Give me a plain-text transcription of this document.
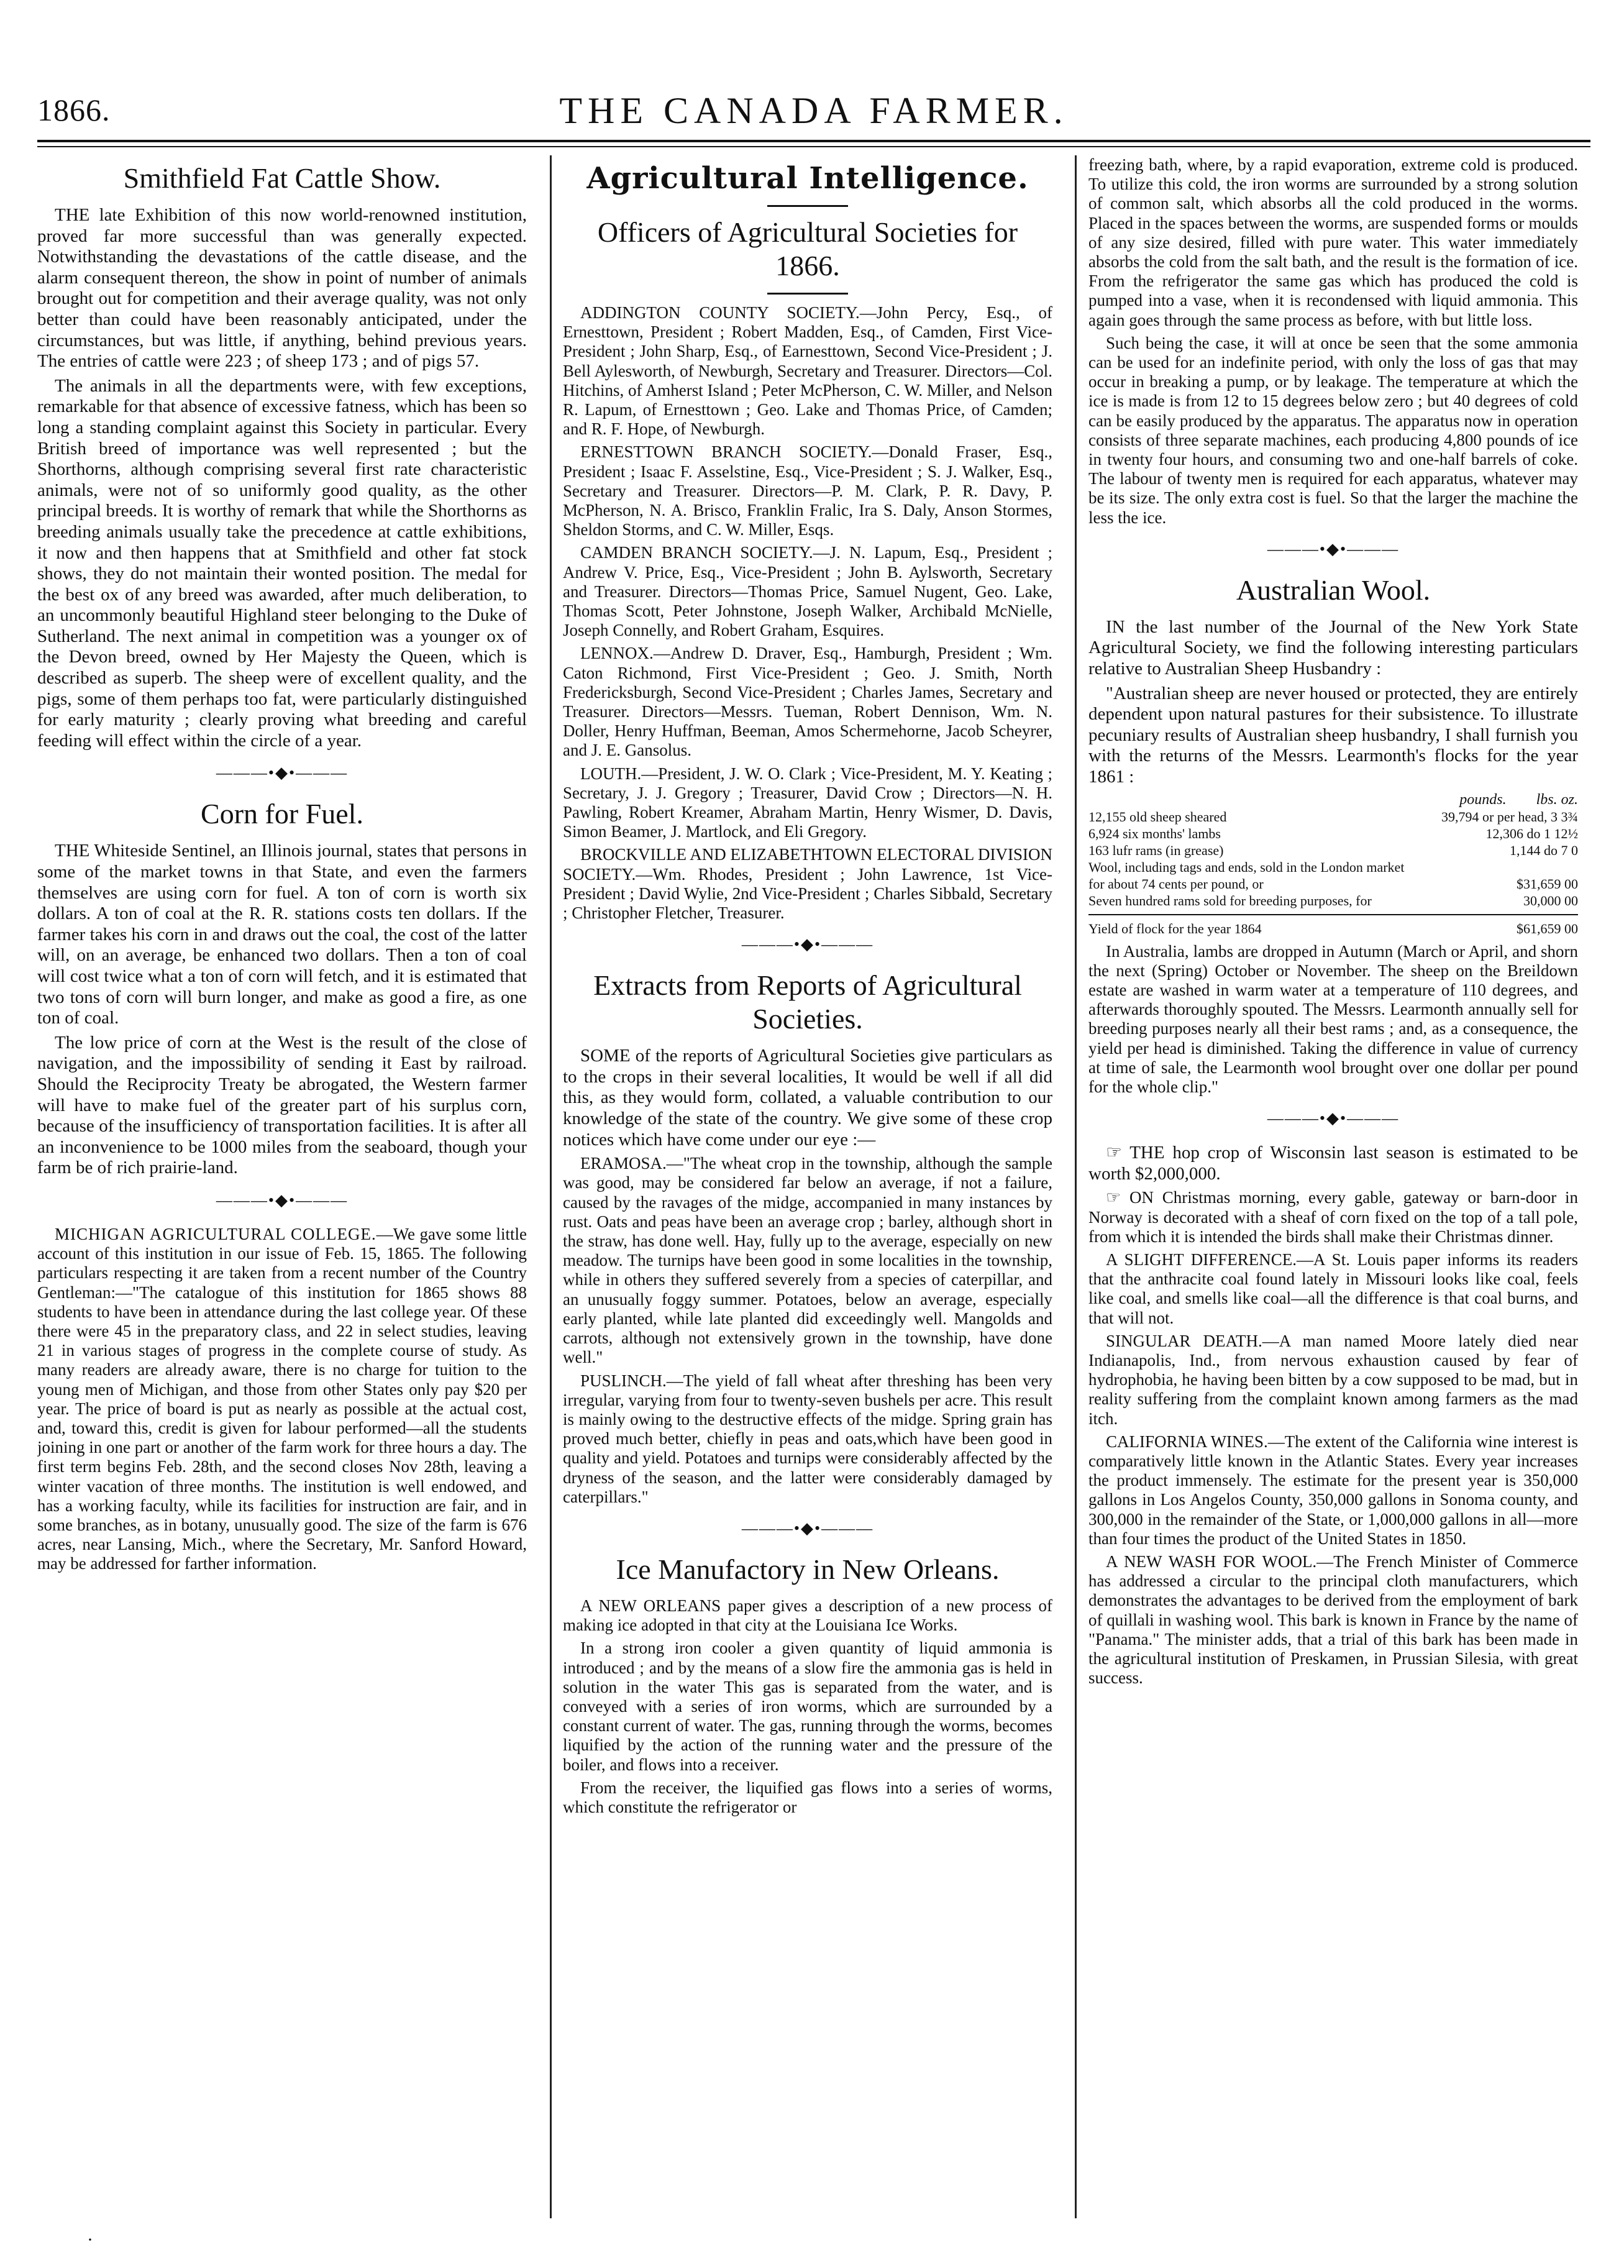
1866.	THE CANADA FARMER.
Smithfield Fat Cattle Show.

THE late Exhibition of this now world-renowned institution, proved far more successful than was generally expected. Notwithstanding the devastations of the cattle disease, and the alarm consequent thereon, the show in point of number of animals brought out for competition and their average quality, was not only better than could have been reasonably anticipated, under the circumstances, but was little, if anything, behind previous years. The entries of cattle were 223 ; of sheep 173 ; and of pigs 57.

The animals in all the departments were, with few exceptions, remarkable for that absence of excessive fatness, which has been so long a standing complaint against this Society in particular. Every British breed of importance was well represented ; but the Shorthorns, although comprising several first rate characteristic animals, were not of so uniformly good quality, as the other principal breeds. It is worthy of remark that while the Shorthorns as breeding animals usually take the precedence at cattle exhibitions, it now and then happens that at Smithfield and other fat stock shows, they do not maintain their wonted position. The medal for the best ox of any breed was awarded, after much deliberation, to an uncommonly beautiful Highland steer belonging to the Duke of Sutherland. The next animal in competition was a younger ox of the Devon breed, owned by Her Majesty the Queen, which is described as superb. The sheep were of excellent quality, and the pigs, some of them perhaps too fat, were particularly distinguished for early maturity ; clearly proving what breeding and careful feeding will effect within the circle of a year.

———•◆•———
Corn for Fuel.

THE Whiteside Sentinel, an Illinois journal, states that persons in some of the market towns in that State, and even the farmers themselves are using corn for fuel. A ton of corn is worth six dollars. A ton of coal at the R. R. stations costs ten dollars. If the farmer takes his corn in and draws out the coal, the cost of the latter will, on an average, be enhanced two dollars. Then a ton of coal will cost twice what a ton of corn will fetch, and it is estimated that two tons of corn will burn longer, and make as good a fire, as one ton of coal.

The low price of corn at the West is the result of the close of navigation, and the impossibility of sending it East by railroad. Should the Reciprocity Treaty be abrogated, the Western farmer will have to make fuel of the greater part of his surplus corn, because of the insufficiency of transportation facilities. It is after all an inconvenience to be 1000 miles from the seaboard, though your farm be of rich prairie-land.

———•◆•———

MICHIGAN AGRICULTURAL COLLEGE.—We gave some little account of this institution in our issue of Feb. 15, 1865. The following particulars respecting it are taken from a recent number of the Country Gentleman:—"The catalogue of this institution for 1865 shows 88 students to have been in attendance during the last college year. Of these there were 45 in the preparatory class, and 22 in select studies, leaving 21 in various stages of progress in the complete course of study. As many readers are already aware, there is no charge for tuition to the young men of Michigan, and those from other States only pay $20 per year. The price of board is put as nearly as possible at the actual cost, and, toward this, credit is given for labour performed—all the students joining in one part or another of the farm work for three hours a day. The first term begins Feb. 28th, and the second closes Nov 28th, leaving a winter vacation of three months. The institution is well endowed, and has a working faculty, while its facilities for instruction are fair, and in some branches, as in botany, unusually good. The size of the farm is 676 acres, near Lansing, Mich., where the Secretary, Mr. Sanford Howard, may be addressed for farther information.

Agricultural Intelligence.
Officers of Agricultural Societies for 1866.

ADDINGTON COUNTY SOCIETY.—John Percy, Esq., of Ernesttown, President ; Robert Madden, Esq., of Camden, First Vice-President ; John Sharp, Esq., of Earnesttown, Second Vice-President ; J. Bell Aylesworth, of Newburgh, Secretary and Treasurer. Directors—Col. Hitchins, of Amherst Island ; Peter McPherson, C. W. Miller, and Nelson R. Lapum, of Ernesttown ; Geo. Lake and Thomas Price, of Camden; and R. F. Hope, of Newburgh.

ERNESTTOWN BRANCH SOCIETY.—Donald Fraser, Esq., President ; Isaac F. Asselstine, Esq., Vice-President ; S. J. Walker, Esq., Secretary and Treasurer. Directors—P. M. Clark, P. R. Davy, P. McPherson, N. A. Brisco, Franklin Fralic, Ira S. Daly, Anson Stormes, Sheldon Storms, and C. W. Miller, Esqs.

CAMDEN BRANCH SOCIETY.—J. N. Lapum, Esq., President ; Andrew V. Price, Esq., Vice-President ; John B. Aylsworth, Secretary and Treasurer. Directors—Thomas Price, Samuel Nugent, Geo. Lake, Thomas Scott, Peter Johnstone, Joseph Walker, Archibald McNielle, Joseph Connelly, and Robert Graham, Esquires.

LENNOX.—Andrew D. Draver, Esq., Hamburgh, President ; Wm. Caton Richmond, First Vice-President ; Geo. J. Smith, North Fredericksburgh, Second Vice-President ; Charles James, Secretary and Treasurer. Directors—Messrs. Tueman, Robert Dennison, Wm. N. Doller, Henry Huffman, Beeman, Amos Schermehorne, Jacob Scheyrer, and J. E. Gansolus.

LOUTH.—President, J. W. O. Clark ; Vice-President, M. Y. Keating ; Secretary, J. J. Gregory ; Treasurer, David Crow ; Directors—N. H. Pawling, Robert Kreamer, Abraham Martin, Henry Wismer, D. Davis, Simon Beamer, J. Martlock, and Eli Gregory.

BROCKVILLE AND ELIZABETHTOWN ELECTORAL DIVISION SOCIETY.—Wm. Rhodes, President ; John Lawrence, 1st Vice-President ; David Wylie, 2nd Vice-President ; Charles Sibbald, Secretary ; Christopher Fletcher, Treasurer.

———•◆•———
Extracts from Reports of Agricultural Societies.

SOME of the reports of Agricultural Societies give particulars as to the crops in their several localities, It would be well if all did this, as they would form, collated, a valuable contribution to our knowledge of the state of the country. We give some of these crop notices which have come under our eye :—

ERAMOSA.—"The wheat crop in the township, although the sample was good, may be considered far below an average, if not a failure, caused by the ravages of the midge, accompanied in many instances by rust. Oats and peas have been an average crop ; barley, although short in the straw, has done well. Hay, fully up to the average, especially on new meadow. The turnips have been good in some localities in the township, while in others they suffered severely from a species of caterpillar, and an unusually foggy summer. Potatoes, below an average, especially early planted, while late planted did exceedingly well. Mangolds and carrots, although not extensively grown in the township, have done well."

PUSLINCH.—The yield of fall wheat after threshing has been very irregular, varying from four to twenty-seven bushels per acre. This result is mainly owing to the destructive effects of the midge. Spring grain has proved much better, chiefly in peas and oats,which have been good in quality and yield. Potatoes and turnips were considerably affected by the dryness of the season, and the latter were considerably damaged by caterpillars."

———•◆•———
Ice Manufactory in New Orleans.

A NEW ORLEANS paper gives a description of a new process of making ice adopted in that city at the Louisiana Ice Works.

In a strong iron cooler a given quantity of liquid ammonia is introduced ; and by the means of a slow fire the ammonia gas is held in solution in the water This gas is separated from the water, and is conveyed with a series of iron worms, which are surrounded by a constant current of water. The gas, running through the worms, becomes liquified by the action of the running water and the pressure of the boiler, and flows into a receiver.

From the receiver, the liquified gas flows into a series of worms, which constitute the refrigerator or

freezing bath, where, by a rapid evaporation, extreme cold is produced. To utilize this cold, the iron worms are surrounded by a strong solution of common salt, which absorbs all the cold produced in the worms. Placed in the spaces between the worms, are suspended forms or moulds of any size desired, filled with pure water. This water immediately absorbs the cold from the salt bath, and the result is the formation of ice. From the refrigerator the same gas which has produced the cold is pumped into a vase, when it is recondensed with liquid ammonia. This again goes through the same process as before, with but little loss.

Such being the case, it will at once be seen that the some ammonia can be used for an indefinite period, with only the loss of gas that may occur in breaking a pump, or by leakage. The temperature at which the ice is made is from 12 to 15 degrees below zero ; but 40 degrees of cold can be easily produced by the apparatus. The apparatus now in operation consists of three separate machines, each producing 4,800 pounds of ice in twenty four hours, and consuming two and one-half barrels of coke. The labour of twenty men is required for each apparatus, whatever may be its size. The only extra cost is fuel. So that the larger the machine the less the ice.

———•◆•———
Australian Wool.

IN the last number of the Journal of the New York State Agricultural Society, we find the following interesting particulars relative to Australian Sheep Husbandry :

"Australian sheep are never housed or protected, they are entirely dependent upon natural pastures for their subsistence. To illustrate pecuniary results of Australian sheep husbandry, I shall furnish you with the returns of the Messrs. Learmonth's flocks for the year 1861 :

pounds. lbs. oz.
12,155 old sheep sheared	39,794 or per head, 3 3¾
6,924 six months' lambs	12,306 do 1 12½
163 lufr rams (in grease)	1,144 do 7 0
Wool, including tags and ends, sold in the London market
for about 74 cents per pound, or	$31,659 00
Seven hundred rams sold for breeding purposes, for	30,000 00
Yield of flock for the year 1864	$61,659 00

In Australia, lambs are dropped in Autumn (March or April, and shorn the next (Spring) October or November. The sheep on the Breildown estate are washed in warm water at a temperature of 110 degrees, and afterwards thoroughly spouted. The Messrs. Learmonth annually sell for breeding purposes nearly all their best rams ; and, as a consequence, the yield per head is diminished. Taking the difference in value of currency at time of sale, the Learmonth wool brought over one dollar per pound for the whole clip."

———•◆•———

☞ THE hop crop of Wisconsin last season is estimated to be worth $2,000,000.

☞ ON Christmas morning, every gable, gateway or barn-door in Norway is decorated with a sheaf of corn fixed on the top of a tall pole, from which it is intended the birds shall make their Christmas dinner.

A SLIGHT DIFFERENCE.—A St. Louis paper informs its readers that the anthracite coal found lately in Missouri looks like coal, feels like coal, and smells like coal—all the difference is that coal burns, and that will not.

SINGULAR DEATH.—A man named Moore lately died near Indianapolis, Ind., from nervous exhaustion caused by fear of hydrophobia, he having been bitten by a cow supposed to be mad, but in reality suffering from the complaint known among farmers as the mad itch.

CALIFORNIA WINES.—The extent of the California wine interest is comparatively little known in the Atlantic States. Every year increases the product immensely. The estimate for the present year is 350,000 gallons in Los Angelos County, 350,000 gallons in Sonoma county, and 300,000 in the remainder of the State, or 1,000,000 gallons in all—more than four times the product of the United States in 1850.

A NEW WASH FOR WOOL.—The French Minister of Commerce has addressed a circular to the principal cloth manufacturers, which demonstrates the advantages to be derived from the employment of bark of quillali in washing wool. This bark is known in France by the name of "Panama." The minister adds, that a trial of this bark has been made in the agricultural institution of Preskamen, in Prussian Silesia, with great success.

·
